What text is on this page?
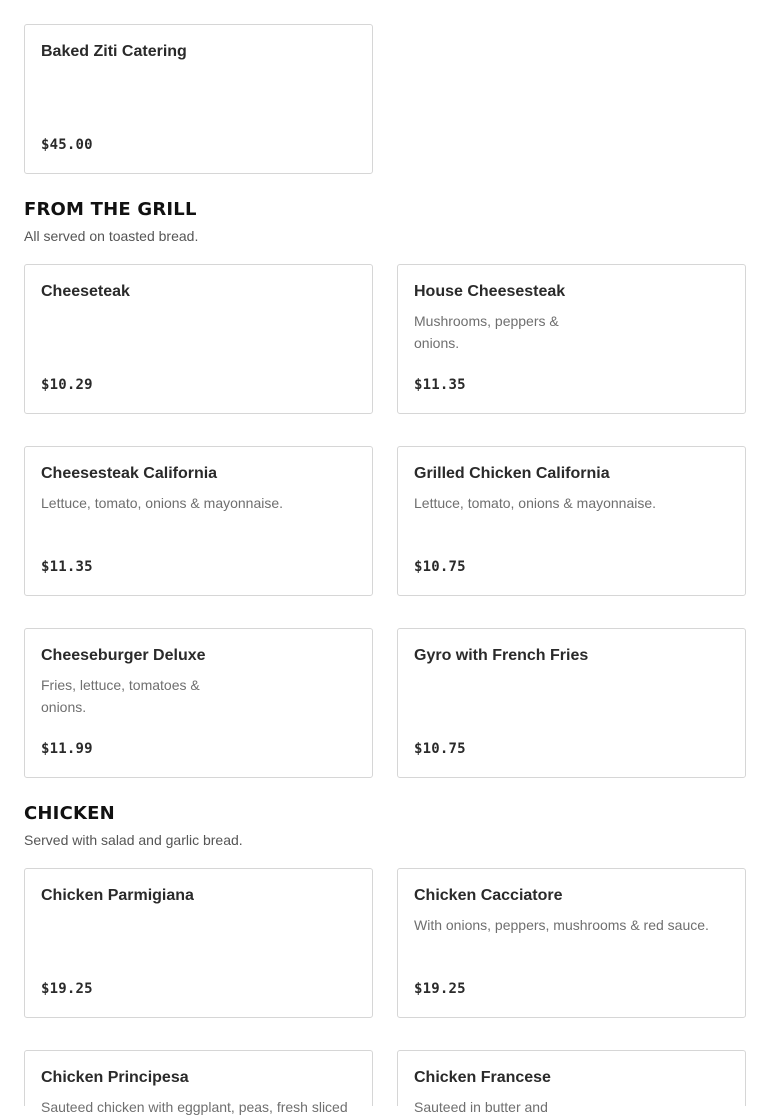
Baked Ziti Catering
$45.00
FROM THE GRILL
All served on toasted bread.
Cheeseteak
$10.29
House Cheesesteak
Mushrooms, peppers & onions.
$11.35
Cheesesteak California
Lettuce, tomato, onions & mayonnaise.
$11.35
Grilled Chicken California
Lettuce, tomato, onions & mayonnaise.
$10.75
Cheeseburger Deluxe
Fries, lettuce, tomatoes & onions.
$11.99
Gyro with French Fries
$10.75
CHICKEN
Served with salad and garlic bread.
Chicken Parmigiana
$19.25
Chicken Cacciatore
With onions, peppers, mushrooms & red sauce.
$19.25
Chicken Principesa
Sauteed chicken with eggplant, peas, fresh sliced
Chicken Francese
Sauteed in butter and
